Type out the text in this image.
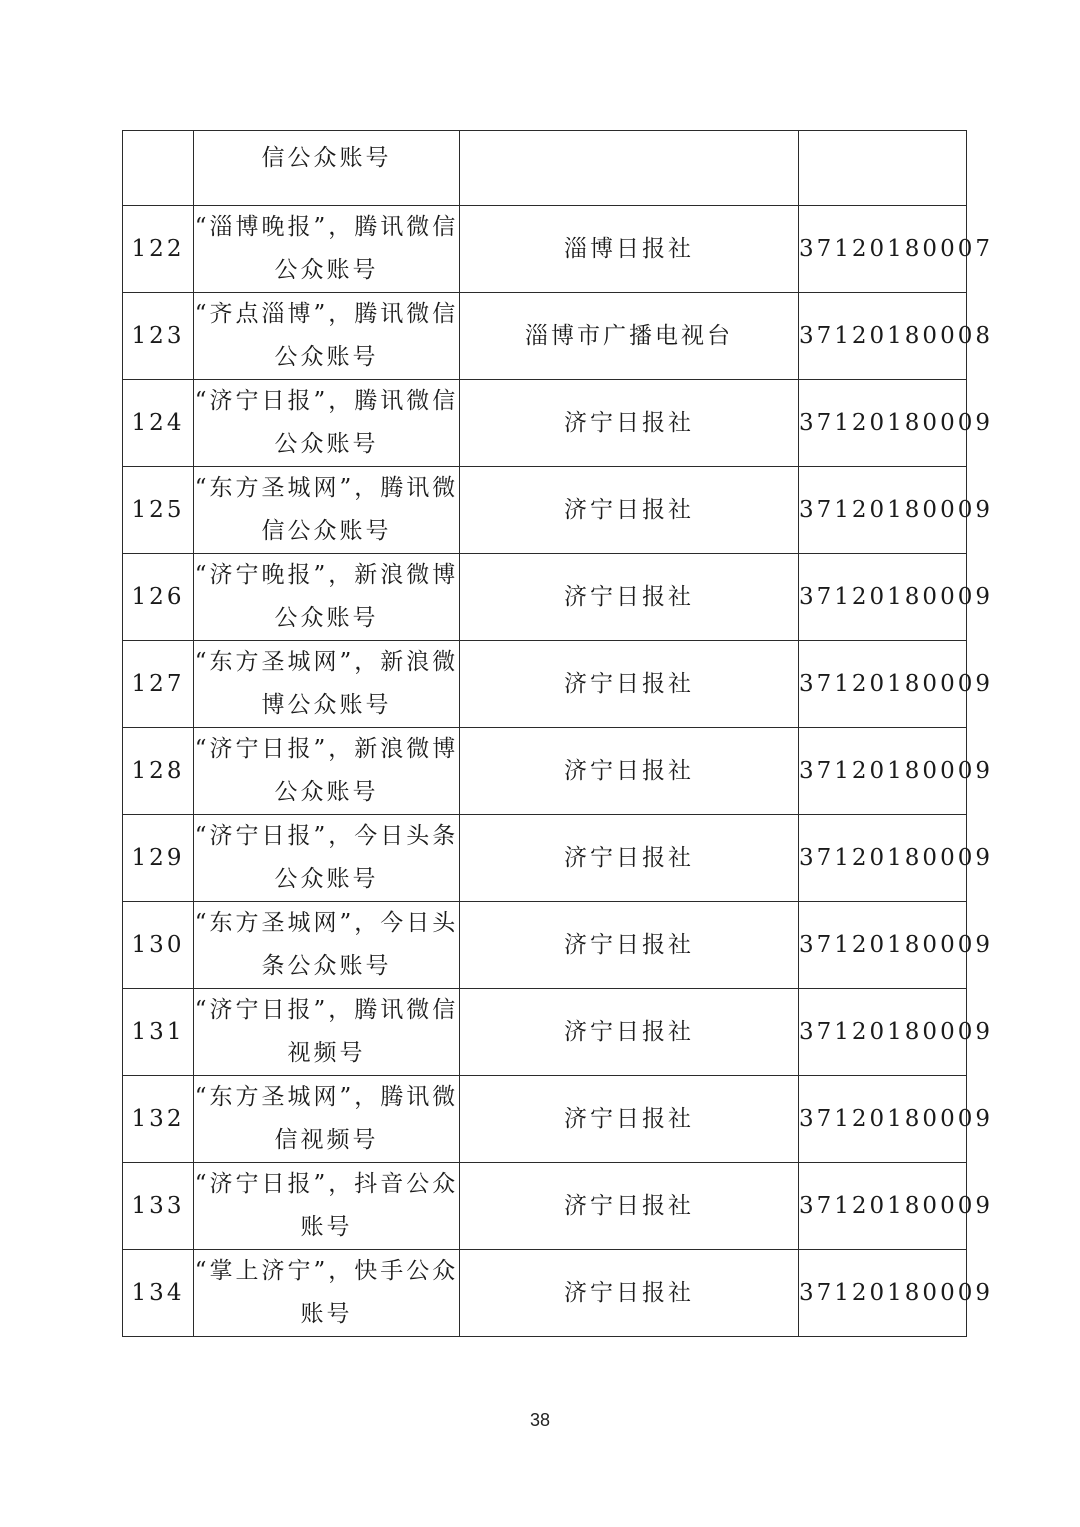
	信公众账号		

122	“淄博晚报”，腾讯微信公众账号	淄博日报社	37120180007
123	“齐点淄博”，腾讯微信公众账号	淄博市广播电视台	37120180008
124	“济宁日报”，腾讯微信公众账号	济宁日报社	37120180009
125	“东方圣城网”，腾讯微信公众账号	济宁日报社	37120180009
126	“济宁晚报”，新浪微博公众账号	济宁日报社	37120180009
127	“东方圣城网”，新浪微博公众账号	济宁日报社	37120180009
128	“济宁日报”，新浪微博公众账号	济宁日报社	37120180009
129	“济宁日报”，今日头条公众账号	济宁日报社	37120180009
130	“东方圣城网”，今日头条公众账号	济宁日报社	37120180009
131	“济宁日报”，腾讯微信视频号	济宁日报社	37120180009
132	“东方圣城网”，腾讯微信视频号	济宁日报社	37120180009
133	“济宁日报”，抖音公众账号	济宁日报社	37120180009
134	“掌上济宁”，快手公众账号	济宁日报社	37120180009
38
